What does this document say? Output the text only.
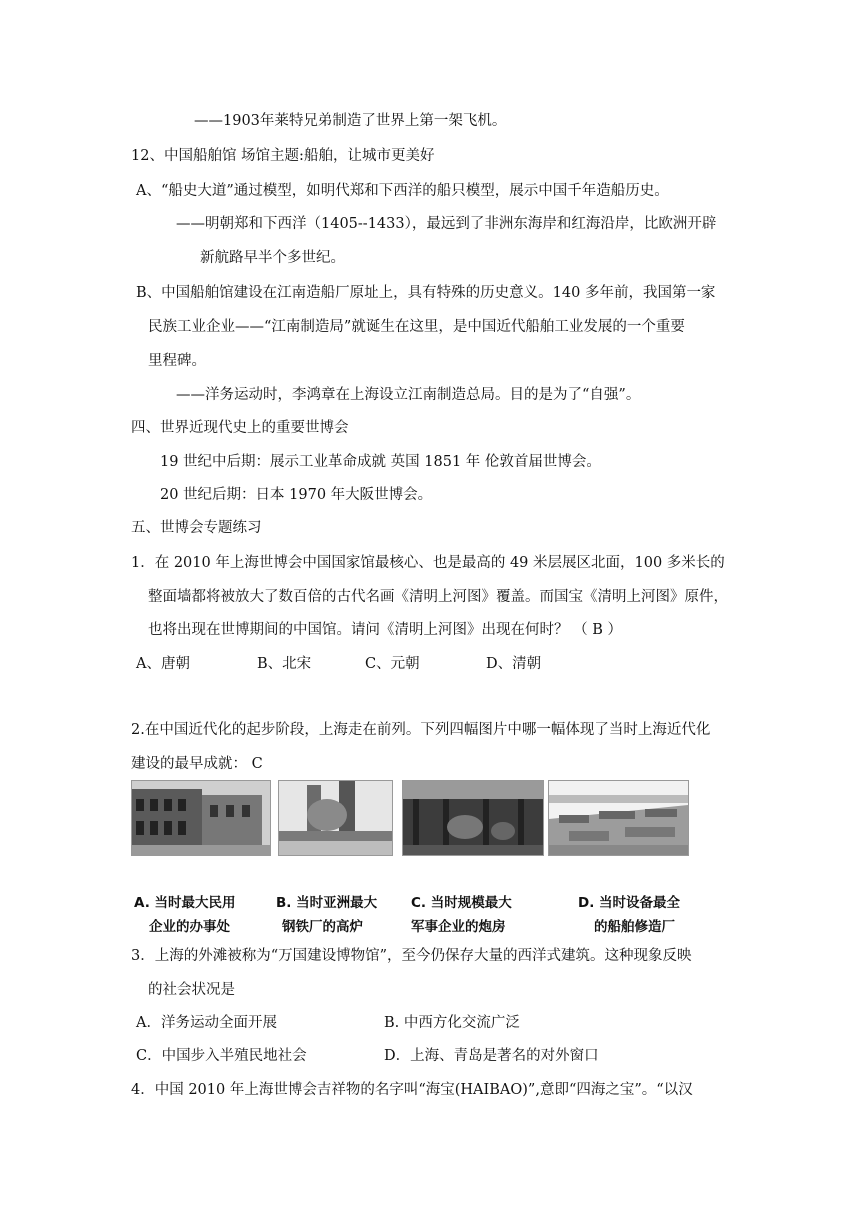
——1903年莱特兄弟制造了世界上第一架飞机。
12、中国船舶馆 场馆主题:船舶，让城市更美好
A、“船史大道”通过模型，如明代郑和下西洋的船只模型，展示中国千年造船历史。
——明朝郑和下西洋（1405--1433），最远到了非洲东海岸和红海沿岸，比欧洲开辟
新航路早半个多世纪。
B、中国船舶馆建设在江南造船厂原址上，具有特殊的历史意义。140 多年前，我国第一家
民族工业企业——“江南制造局”就诞生在这里，是中国近代船舶工业发展的一个重要
里程碑。
——洋务运动时，李鸿章在上海设立江南制造总局。目的是为了“自强”。
四、世界近现代史上的重要世博会
19 世纪中后期：展示工业革命成就 英国 1851 年 伦敦首届世博会。
20 世纪后期：日本 1970 年大阪世博会。
五、世博会专题练习
1．在 2010 年上海世博会中国国家馆最核心、也是最高的 49 米层展区北面，100 多米长的
整面墙都将被放大了数百倍的古代名画《清明上河图》覆盖。而国宝《清明上河图》原件，
也将出现在世博期间的中国馆。请问《清明上河图》出现在何时？ （ B ）
A、唐朝	B、北宋	C、元朝	D、清朝
2.在中国近代化的起步阶段，上海走在前列。下列四幅图片中哪一幅体现了当时上海近代化
建设的最早成就： C
A. 当时最大民用
企业的办事处
B. 当时亚洲最大
钢铁厂的高炉
C. 当时规模最大
军事企业的炮房
D. 当时设备最全
的船舶修造厂
3．上海的外滩被称为“万国建设博物馆”，至今仍保存大量的西洋式建筑。这种现象反映
的社会状况是
A．洋务运动全面开展	B. 中西方化交流广泛
C．中国步入半殖民地社会	D．上海、青岛是著名的对外窗口
4．中国 2010 年上海世博会吉祥物的名字叫“海宝(HAIBAO)”,意即“四海之宝”。“以汉
